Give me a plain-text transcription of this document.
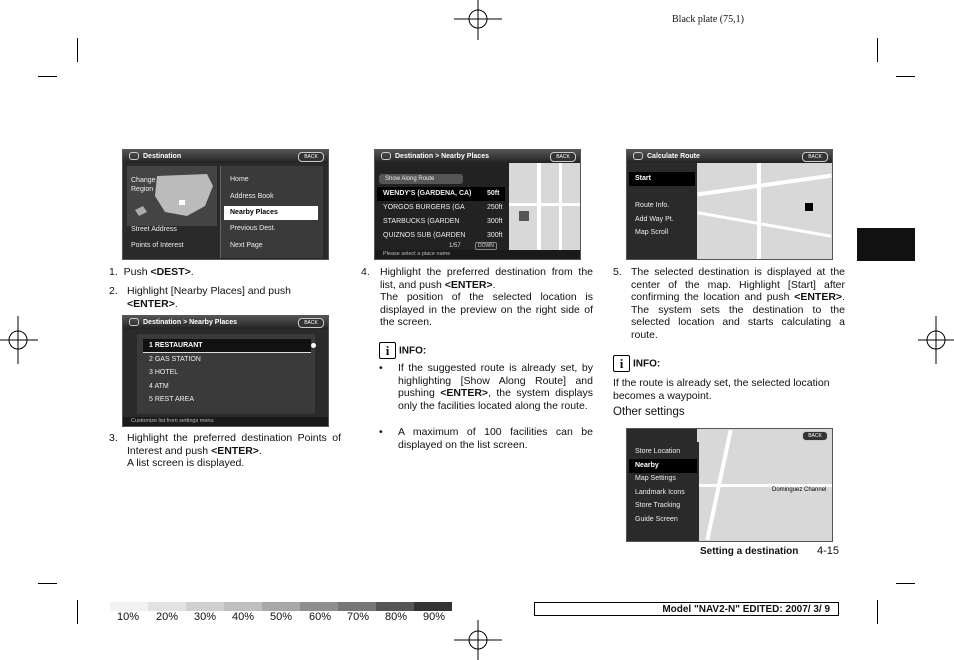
Black plate (75,1)
Destination	BACK
Change Region
Street Address
Points of Interest
Home
Address Book
Nearby Places
Previous Dest.
Next Page
1. Push <DEST>.
2. Highlight [Nearby Places] and push
<ENTER>.
Destination > Nearby Places	BACK
1 RESTAURANT
2 GAS STATION
3 HOTEL
4 ATM
5 REST AREA
Customize list from settings menu
3. Highlight the preferred destination Points of Interest and push <ENTER>.
A list screen is displayed.
Destination > Nearby Places	BACK
Show Along Route
WENDY'S (GARDENA, CA)	50ft
YORGOS BURGERS (GA	250ft
STARBUCKS (GARDEN	300ft
QUIZNOS SUB (GARDEN	300ft
1/57	DOWN
Please select a place name
4. Highlight the preferred destination from the list, and push <ENTER>.
The position of the selected location is displayed in the preview on the right side of the screen.
i INFO:
• If the suggested route is already set, by highlighting [Show Along Route] and pushing <ENTER>, the system displays only the facilities located along the route.
• A maximum of 100 facilities can be displayed on the list screen.
Calculate Route	BACK
Start
Route Info.
Add Way Pt.
Map Scroll
5. The selected destination is displayed at the center of the map. Highlight [Start] after confirming the location and push <ENTER>. The system sets the destination to the selected location and starts calculating a route.
i INFO:
If the route is already set, the selected location becomes a waypoint.
Other settings
Dominguez Channel
BACK
Store Location
Nearby
Map Settings
Landmark Icons
Store Tracking
Guide Screen
Setting a destination 4-15
10% 20% 30% 40% 50% 60% 70% 80% 90%
Model "NAV2-N" EDITED: 2007/ 3/ 9
